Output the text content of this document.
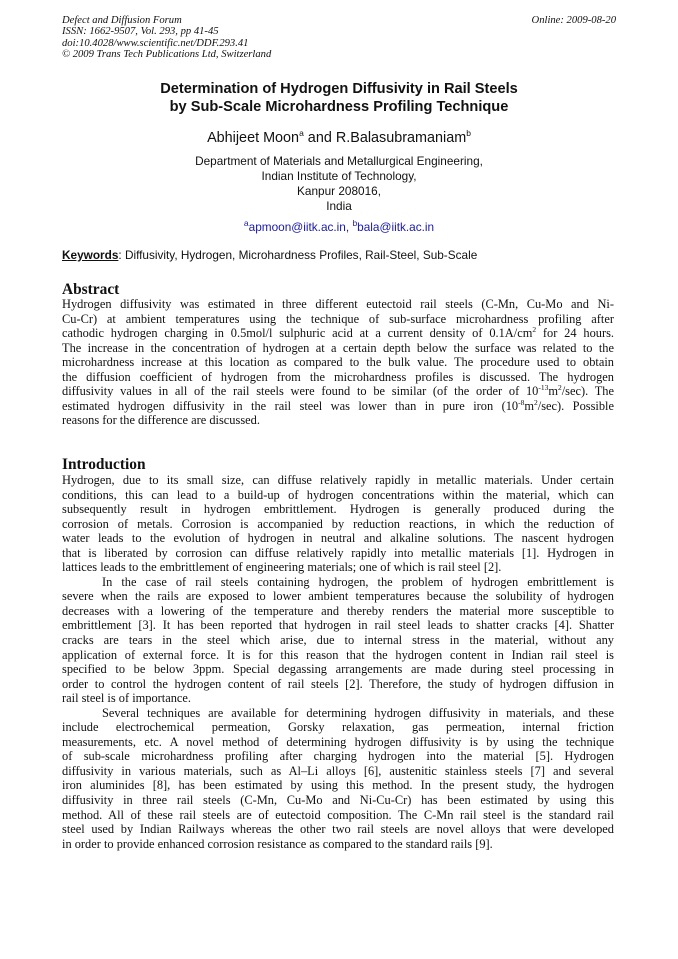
Defect and Diffusion Forum	Online: 2009-08-20
ISSN: 1662-9507, Vol. 293, pp 41-45
doi:10.4028/www.scientific.net/DDF.293.41
© 2009 Trans Tech Publications Ltd, Switzerland
Determination of Hydrogen Diffusivity in Rail Steels
by Sub-Scale Microhardness Profiling Technique
Abhijeet Moon$^a$ and R.Balasubramaniam$^b$
Department of Materials and Metallurgical Engineering,
Indian Institute of Technology,
Kanpur 208016,
India
$^a$apmoon@iitk.ac.in, $^b$bala@iitk.ac.in
Keywords: Diffusivity, Hydrogen, Microhardness Profiles, Rail-Steel, Sub-Scale
Abstract
Hydrogen diffusivity was estimated in three different eutectoid rail steels (C-Mn, Cu-Mo and Ni-
Cu-Cr) at ambient temperatures using the technique of sub-surface microhardness profiling after
cathodic hydrogen charging in 0.5mol/l sulphuric acid at a current density of $0.1A/cm^2$ for 24 hours.
The increase in the concentration of hydrogen at a certain depth below the surface was related to the
microhardness increase at this location as compared to the bulk value. The procedure used to obtain
the diffusion coefficient of hydrogen from the microhardness profiles is discussed. The hydrogen
diffusivity values in all of the rail steels were found to be similar (of the order of $10^{-13}m^2/\sec$). The
estimated hydrogen diffusivity in the rail steel was lower than in pure iron $(10^{-8}m^2/\sec)$. Possible
reasons for the difference are discussed.
Introduction
Hydrogen, due to its small size, can diffuse relatively rapidly in metallic materials. Under certain
conditions, this can lead to a build-up of hydrogen concentrations within the material, which can
subsequently result in hydrogen embrittlement. Hydrogen is generally produced during the
corrosion of metals. Corrosion is accompanied by reduction reactions, in which the reduction of
water leads to the evolution of hydrogen in neutral and alkaline solutions. The nascent hydrogen
that is liberated by corrosion can diffuse relatively rapidly into metallic materials [1]. Hydrogen in
lattices leads to the embrittlement of engineering materials; one of which is rail steel [2].
In the case of rail steels containing hydrogen, the problem of hydrogen embrittlement is
severe when the rails are exposed to lower ambient temperatures because the solubility of hydrogen
decreases with a lowering of the temperature and thereby renders the material more susceptible to
embrittlement [3]. It has been reported that hydrogen in rail steel leads to shatter cracks [4]. Shatter
cracks are tears in the steel which arise, due to internal stress in the material, without any
application of external force. It is for this reason that the hydrogen content in Indian rail steel is
specified to be below 3ppm. Special degassing arrangements are made during steel processing in
order to control the hydrogen content of rail steels [2]. Therefore, the study of hydrogen diffusion in
rail steel is of importance.
Several techniques are available for determining hydrogen diffusivity in materials, and these
include electrochemical permeation, Gorsky relaxation, gas permeation, internal friction
measurements, etc. A novel method of determining hydrogen diffusivity is by using the technique
of sub-scale microhardness profiling after charging hydrogen into the material [5]. Hydrogen
diffusivity in various materials, such as Al–Li alloys [6], austenitic stainless steels [7] and several
iron aluminides [8], has been estimated by using this method. In the present study, the hydrogen
diffusivity in three rail steels (C-Mn, Cu-Mo and Ni-Cu-Cr) has been estimated by using this
method. All of these rail steels are of eutectoid composition. The C-Mn rail steel is the standard rail
steel used by Indian Railways whereas the other two rail steels are novel alloys that were developed
in order to provide enhanced corrosion resistance as compared to the standard rails [9].
